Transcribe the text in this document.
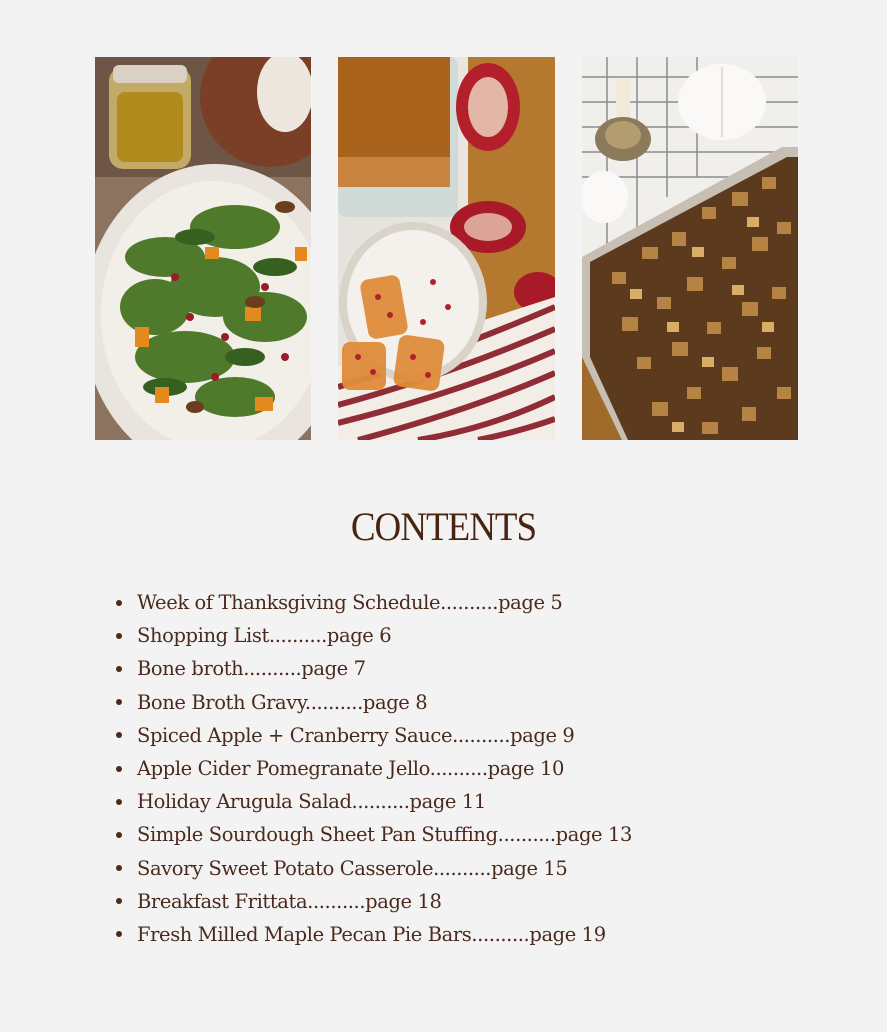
CONTENTS
Week of Thanksgiving Schedule..........page 5
Shopping List..........page 6
Bone broth..........page 7
Bone Broth Gravy..........page 8
Spiced Apple + Cranberry Sauce..........page 9
Apple Cider Pomegranate Jello..........page 10
Holiday Arugula Salad..........page 11
Simple Sourdough Sheet Pan Stuffing..........page 13
Savory Sweet Potato Casserole..........page 15
Breakfast Frittata..........page 18
Fresh Milled Maple Pecan Pie Bars..........page 19
